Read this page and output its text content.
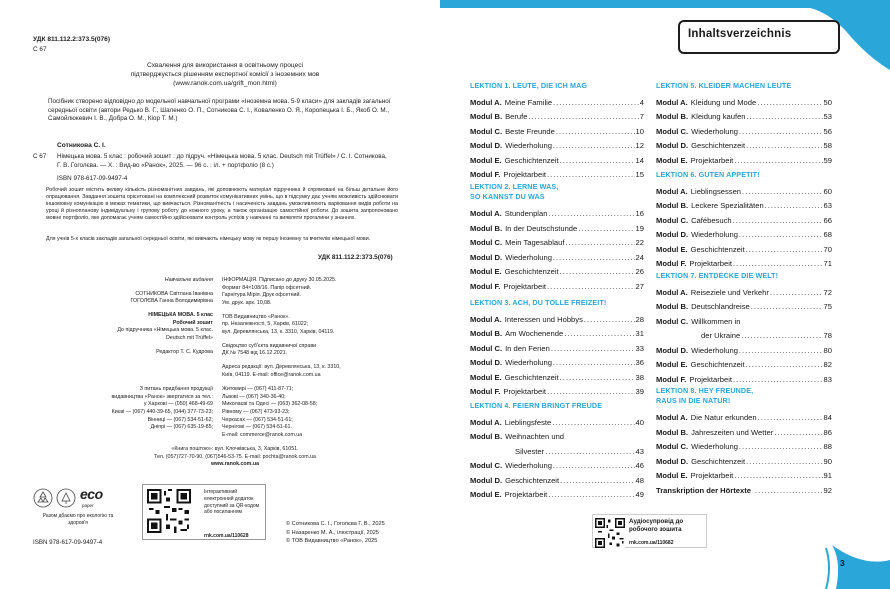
УДК 811.112.2:373.5(076)
С 67
Схвалення для використання в освітньому процесі
підтверджується рішенням експертної комісії з іноземних мов
(www.ranok.com.ua/grift_mon.html)
Посібник створено відповідно до модельної навчальної програми «Іноземна мова. 5-9 класи» для закладів загальної середньої освіти (автори Редько В. Г., Шаленко О. П., Сотникова С. І., Коваленко О. Я., Коропецька І. Б., Якоб О. М., Самойлюкевич І. В., Добра О. М., Кіор Т. М.)
Сотникова С. І.
С 67 Німецька мова. 5 клас : робочий зошит : до підруч. «Німецька мова. 5 клас. Deutsch mit Trüffel» / С. І. Сотникова, Г. В. Гоголєва. — Х. : Вид-во «Ранок», 2025. — 96 с. : іл. + портфоліо (8 с.)
ISBN 978-617-09-9497-4
Робочий зошит містить велику кількість різноманітних завдань, які доповнюють матеріал підручника й спрямовані на більш детальне його опрацювання. Завдання зошита орієнтовані на комплексний розвиток комунікативних умінь, що в підсумку дає учням можливість здійснювати іншомовну комунікацію в межах тематики, що вивчається. Різноманітність і насиченість завдань уможливлюють варіювання видів роботи на уроці й різнопланову індивідуальну і групову роботу до кожного уроку, а також організацію самостійної роботи. До зошита запропоновано мовне портфоліо, яке допомагає учням самостійно здійснювати контроль успіхів у навчанні та виявляти прогалини у знаннях.
Для учнів 5-х класів закладів загальної середньої освіти, які вивчають німецьку мову як першу іноземну та вчителів німецької мови.
УДК 811.112.2:373.5(076)
Навчальне видання
СОТНИКОВА Світлана Іванівна
ГОГОЛЄВА Ганна Володимирівна
НІМЕЦЬКА МОВА. 5 клас
Робочий зошит
До підручника «Німецька мова. 5 клас.
Deutsch mit Trüffel»
Редактор Т. С. Кудрова
ІНФОРМАЦІЯ. Підписано до друку 30.05.2025.
Формат 84×108/16. Папір офсетний.
Гарнітура Мірія. Друк офсетний.
Ум. друк. арк. 10,08.
ТОВ Видавництво «Ранок».
пр. Незалежності, 5, Харків, 61022;
вул. Деревлянська, 13, к. 3310, Харків, 04119.
Свідоцтво суб'єкта видавничої справи
ДК № 7548 від 16.12.2021.
Адреса редакції: вул. Деревлянська, 13, к. 3310,
Київ, 04119. E-mail: office@ranok.com.ua
З питань придбання продукції
видавництва «Ранок» звертатися за тел.:
у Харкові — (050) 468-49-69
Києві — (067) 440-39-65, (044) 377-73-23;
Вінниці — (067) 534-51-62;
Дніпрі — (067) 635-19-85;
Житомирі — (067) 411-87-71;
Львові — (067) 340-36-40;
Миколаєві та Одесі — (063) 362-08-58;
Рівному — (067) 473-93-23;
Черкасах — (067) 534-51-61;
Чернігові — (067) 534-51-61.
E-mail: commerce@ranok.com.ua
«Книга поштою»: вул. Клочківська, 3, Харків, 61051.
Тел. (057)727-70-90, (067)546-53-75. E-mail: pochta@ranok.com.ua
www.ranok.com.ua
eco
paper
Разом дбаємо про екологію та здоров'я
ISBN 978-617-09-9497-4
Інтерактивний електронний додаток доступний за QR-кодом або посиланням
rnk.com.ua/110628
© Сотникова С. І., Гоголєва Г. В., 2025
© Назаренко М. А., ілюстрації, 2025
© ТОВ Видавництво «Ранок», 2025
Inhaltsverzeichnis
LEKTION 1. LEUTE, DIE ICH MAG
Modul A. Meine Familie .....	4
Modul B. Berufe .....	7
Modul C. Beste Freunde .....	10
Modul D. Wiederholung .....	12
Modul E. Geschichtenzeit .....	14
Modul F. Projektarbeit .....	15
LEKTION 2. LERNE WAS,
SO KANNST DU WAS
Modul A. Stundenplan .....	16
Modul B. In der Deutschstunde .....	19
Modul C. Mein Tagesablauf .....	22
Modul D. Wiederholung .....	24
Modul E. Geschichtenzeit .....	26
Modul F. Projektarbeit .....	27
LEKTION 3. ACH, DU TOLLE FREIZEIT!
Modul A. Interessen und Hobbys .....	28
Modul B. Am Wochenende .....	31
Modul C. In den Ferien .....	33
Modul D. Wiederholung .....	36
Modul E. Geschichtenzeit .....	38
Modul F. Projektarbeit .....	39
LEKTION 4. FEIERN BRINGT FREUDE
Modul A. Lieblingsfeste .....	40
Modul B. Weihnachten und
Silvester .....	43
Modul C. Wiederholung .....	46
Modul D. Geschichtenzeit .....	48
Modul E. Projektarbeit .....	49
LEKTION 5. KLEIDER MACHEN LEUTE
Modul A. Kleidung und Mode .....	50
Modul B. Kleidung kaufen .....	53
Modul C. Wiederholung .....	56
Modul D. Geschichtenzeit .....	58
Modul E. Projektarbeit .....	59
LEKTION 6. GUTEN APPETIT!
Modul A. Lieblingsessen .....	60
Modul B. Leckere Spezialitäten .....	63
Modul C. Cafébesuch .....	66
Modul D. Wiederholung .....	68
Modul E. Geschichtenzeit .....	70
Modul F. Projektarbeit .....	71
LEKTION 7. ENTDECKE DIE WELT!
Modul A. Reiseziele und Verkehr .....	72
Modul B. Deutschlandreise .....	75
Modul C. Willkommen in
der Ukraine .....	78
Modul D. Wiederholung .....	80
Modul E. Geschichtenzeit .....	82
Modul F. Projektarbeit .....	83
LEKTION 8. HEY FREUNDE,
RAUS IN DIE NATUR!
Modul A. Die Natur erkunden .....	84
Modul B. Jahreszeiten und Wetter .....	86
Modul C. Wiederholung .....	88
Modul D. Geschichtenzeit .....	90
Modul E. Projektarbeit .....	91
Transkription der Hörtexte .....	92
Аудіосупровід до робочого зошита
rnk.com.ua/110682
3
